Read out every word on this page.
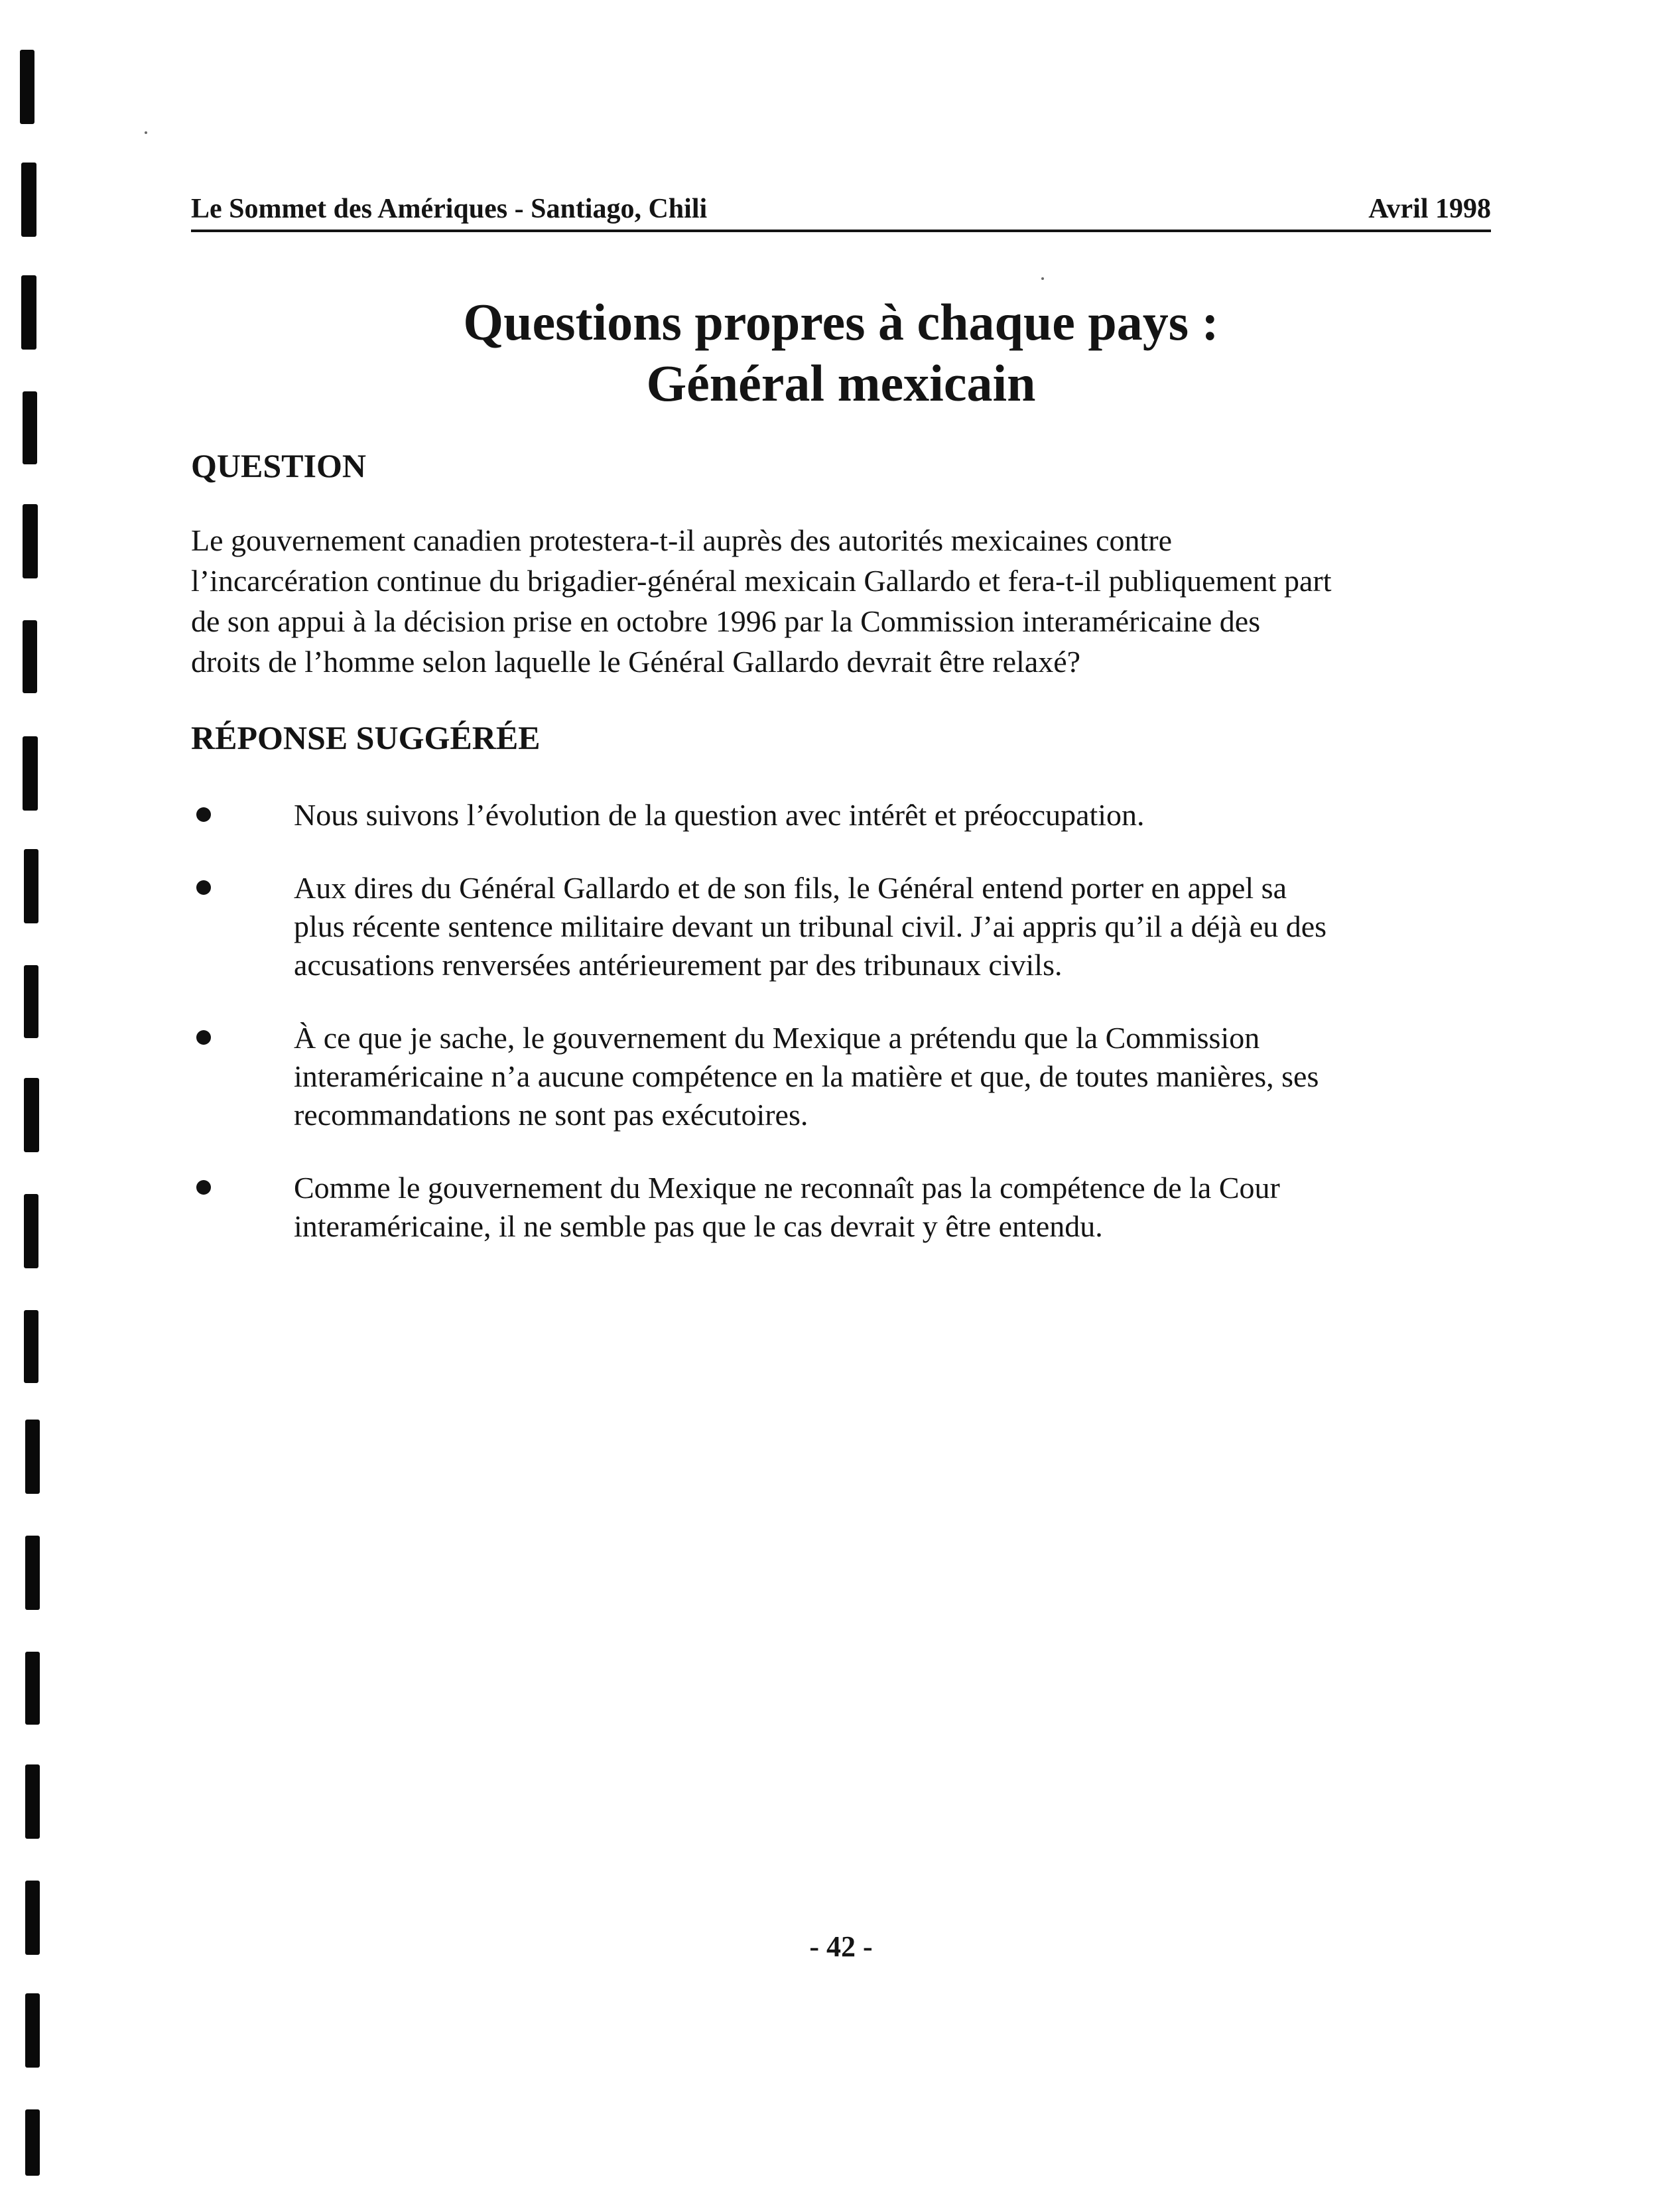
Le Sommet des Amériques - Santiago, Chili	Avril 1998
Questions propres à chaque pays :
Général mexicain
QUESTION
Le gouvernement canadien protestera-t-il auprès des autorités mexicaines contre
l’incarcération continue du brigadier-général mexicain Gallardo et fera-t-il publiquement part
de son appui à la décision prise en octobre 1996 par la Commission interaméricaine des
droits de l’homme selon laquelle le Général Gallardo devrait être relaxé?
RÉPONSE SUGGÉRÉE
Nous suivons l’évolution de la question avec intérêt et préoccupation.
Aux dires du Général Gallardo et de son fils, le Général entend porter en appel sa
plus récente sentence militaire devant un tribunal civil. J’ai appris qu’il a déjà eu des
accusations renversées antérieurement par des tribunaux civils.
À ce que je sache, le gouvernement du Mexique a prétendu que la Commission
interaméricaine n’a aucune compétence en la matière et que, de toutes manières, ses
recommandations ne sont pas exécutoires.
Comme le gouvernement du Mexique ne reconnaît pas la compétence de la Cour
interaméricaine, il ne semble pas que le cas devrait y être entendu.
- 42 -
